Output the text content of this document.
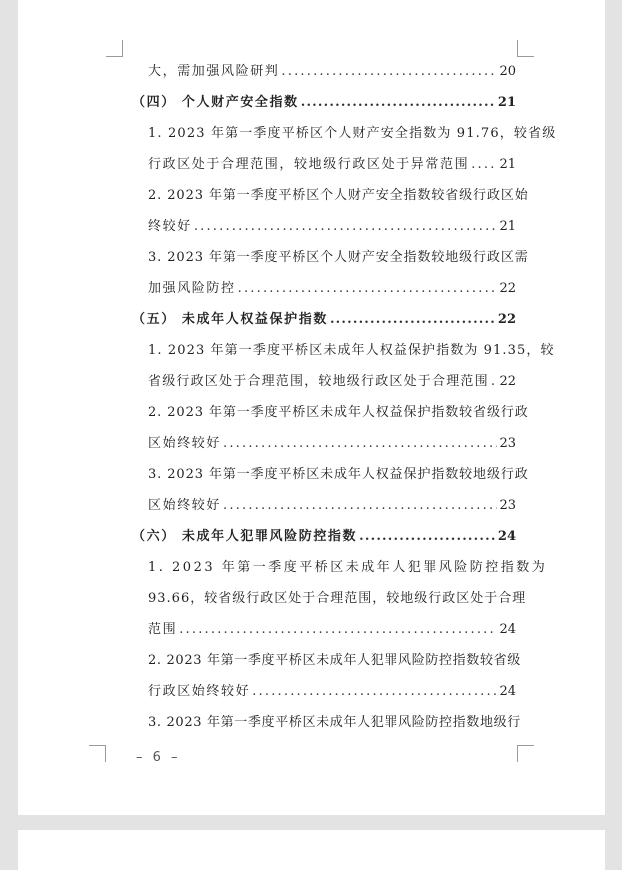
大，需加强风险研判 .....	20
（四） 个人财产安全指数 .....	21
1. 2023 年第一季度平桥区个人财产安全指数为 91.76，较省级
行政区处于合理范围，较地级行政区处于异常范围 ..... 21
2. 2023 年第一季度平桥区个人财产安全指数较省级行政区始
终较好 .....	21
3. 2023 年第一季度平桥区个人财产安全指数较地级行政区需
加强风险防控 .....	22
（五） 未成年人权益保护指数 .....	22
1. 2023 年第一季度平桥区未成年人权益保护指数为 91.35，较
省级行政区处于合理范围，较地级行政区处于合理范围 ..... 22
2. 2023 年第一季度平桥区未成年人权益保护指数较省级行政
区始终较好 .....	23
3. 2023 年第一季度平桥区未成年人权益保护指数较地级行政
区始终较好 .....	23
（六） 未成年人犯罪风险防控指数 .....	24
1. 2023 年第一季度平桥区未成年人犯罪风险防控指数为
93.66，较省级行政区处于合理范围，较地级行政区处于合理
范围 .....	24
2. 2023 年第一季度平桥区未成年人犯罪风险防控指数较省级
行政区始终较好 .....	24
3. 2023 年第一季度平桥区未成年人犯罪风险防控指数地级行
– 6 –
